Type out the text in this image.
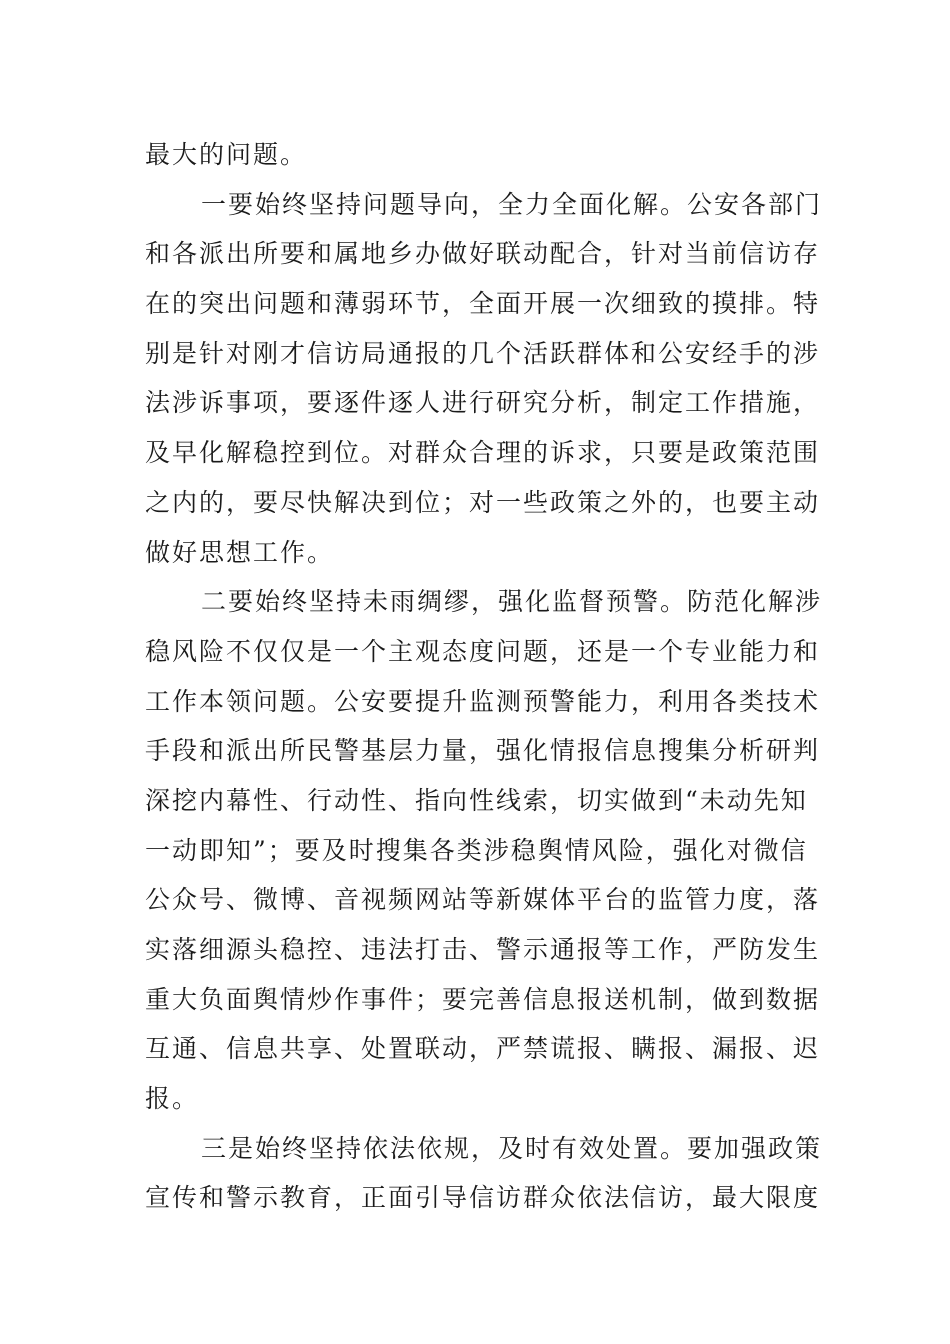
最大的问题。
一要始终坚持问题导向，全力全面化解。公安各部门
和各派出所要和属地乡办做好联动配合，针对当前信访存
在的突出问题和薄弱环节，全面开展一次细致的摸排。特
别是针对刚才信访局通报的几个活跃群体和公安经手的涉
法涉诉事项，要逐件逐人进行研究分析，制定工作措施，
及早化解稳控到位。对群众合理的诉求，只要是政策范围
之内的，要尽快解决到位；对一些政策之外的，也要主动
做好思想工作。
二要始终坚持未雨绸缪，强化监督预警。防范化解涉
稳风险不仅仅是一个主观态度问题，还是一个专业能力和
工作本领问题。公安要提升监测预警能力，利用各类技术
手段和派出所民警基层力量，强化情报信息搜集分析研判
深挖内幕性、行动性、指向性线索，切实做到“未动先知
一动即知”；要及时搜集各类涉稳舆情风险，强化对微信
公众号、微博、音视频网站等新媒体平台的监管力度，落
实落细源头稳控、违法打击、警示通报等工作，严防发生
重大负面舆情炒作事件；要完善信息报送机制，做到数据
互通、信息共享、处置联动，严禁谎报、瞒报、漏报、迟
报。
三是始终坚持依法依规，及时有效处置。要加强政策
宣传和警示教育，正面引导信访群众依法信访，最大限度
